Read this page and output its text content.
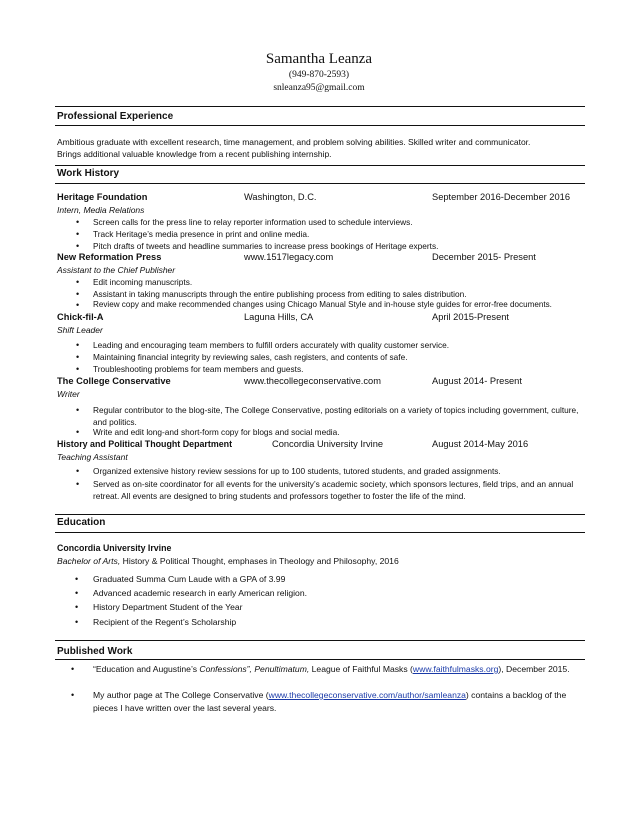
Samantha Leanza
(949-870-2593)
snleanza95@gmail.com
Professional Experience
Ambitious graduate with excellent research, time management, and problem solving abilities. Skilled writer and communicator.
Brings additional valuable knowledge from a recent publishing internship.
Work History
Heritage Foundation	Washington, D.C.	September 2016-December 2016
Intern, Media Relations
• Screen calls for the press line to relay reporter information used to schedule interviews.
• Track Heritage’s media presence in print and online media.
• Pitch drafts of tweets and headline summaries to increase press bookings of Heritage experts.
New Reformation Press	www.1517legacy.com	December 2015- Present
Assistant to the Chief Publisher
• Edit incoming manuscripts.
• Assistant in taking manuscripts through the entire publishing process from editing to sales distribution.
• Review copy and make recommended changes using Chicago Manual Style and in-house style guides for error-free documents.
Chick-fil-A	Laguna Hills, CA	April 2015-Present
Shift Leader
• Leading and encouraging team members to fulfill orders accurately with quality customer service.
• Maintaining financial integrity by reviewing sales, cash registers, and contents of safe.
• Troubleshooting problems for team members and guests.
The College Conservative	www.thecollegeconservative.com	August 2014- Present
Writer
• Regular contributor to the blog-site, The College Conservative, posting editorials on a variety of topics including government, culture, and politics.
• Write and edit long-and short-form copy for blogs and social media.
History and Political Thought Department	Concordia University Irvine	August 2014-May 2016
Teaching Assistant
• Organized extensive history review sessions for up to 100 students, tutored students, and graded assignments.
• Served as on-site coordinator for all events for the university’s academic society, which sponsors lectures, field trips, and an annual retreat. All events are designed to bring students and professors together to foster the life of the mind.
Education
Concordia University Irvine
Bachelor of Arts, History & Political Thought, emphases in Theology and Philosophy, 2016
• Graduated Summa Cum Laude with a GPA of 3.99
• Advanced academic research in early American religion.
• History Department Student of the Year
• Recipient of the Regent’s Scholarship
Published Work
• “Education and Augustine’s Confessions”, Penultimatum, League of Faithful Masks (www.faithfulmasks.org), December 2015.
• My author page at The College Conservative (www.thecollegeconservative.com/author/samleanza) contains a backlog of the pieces I have written over the last several years.
